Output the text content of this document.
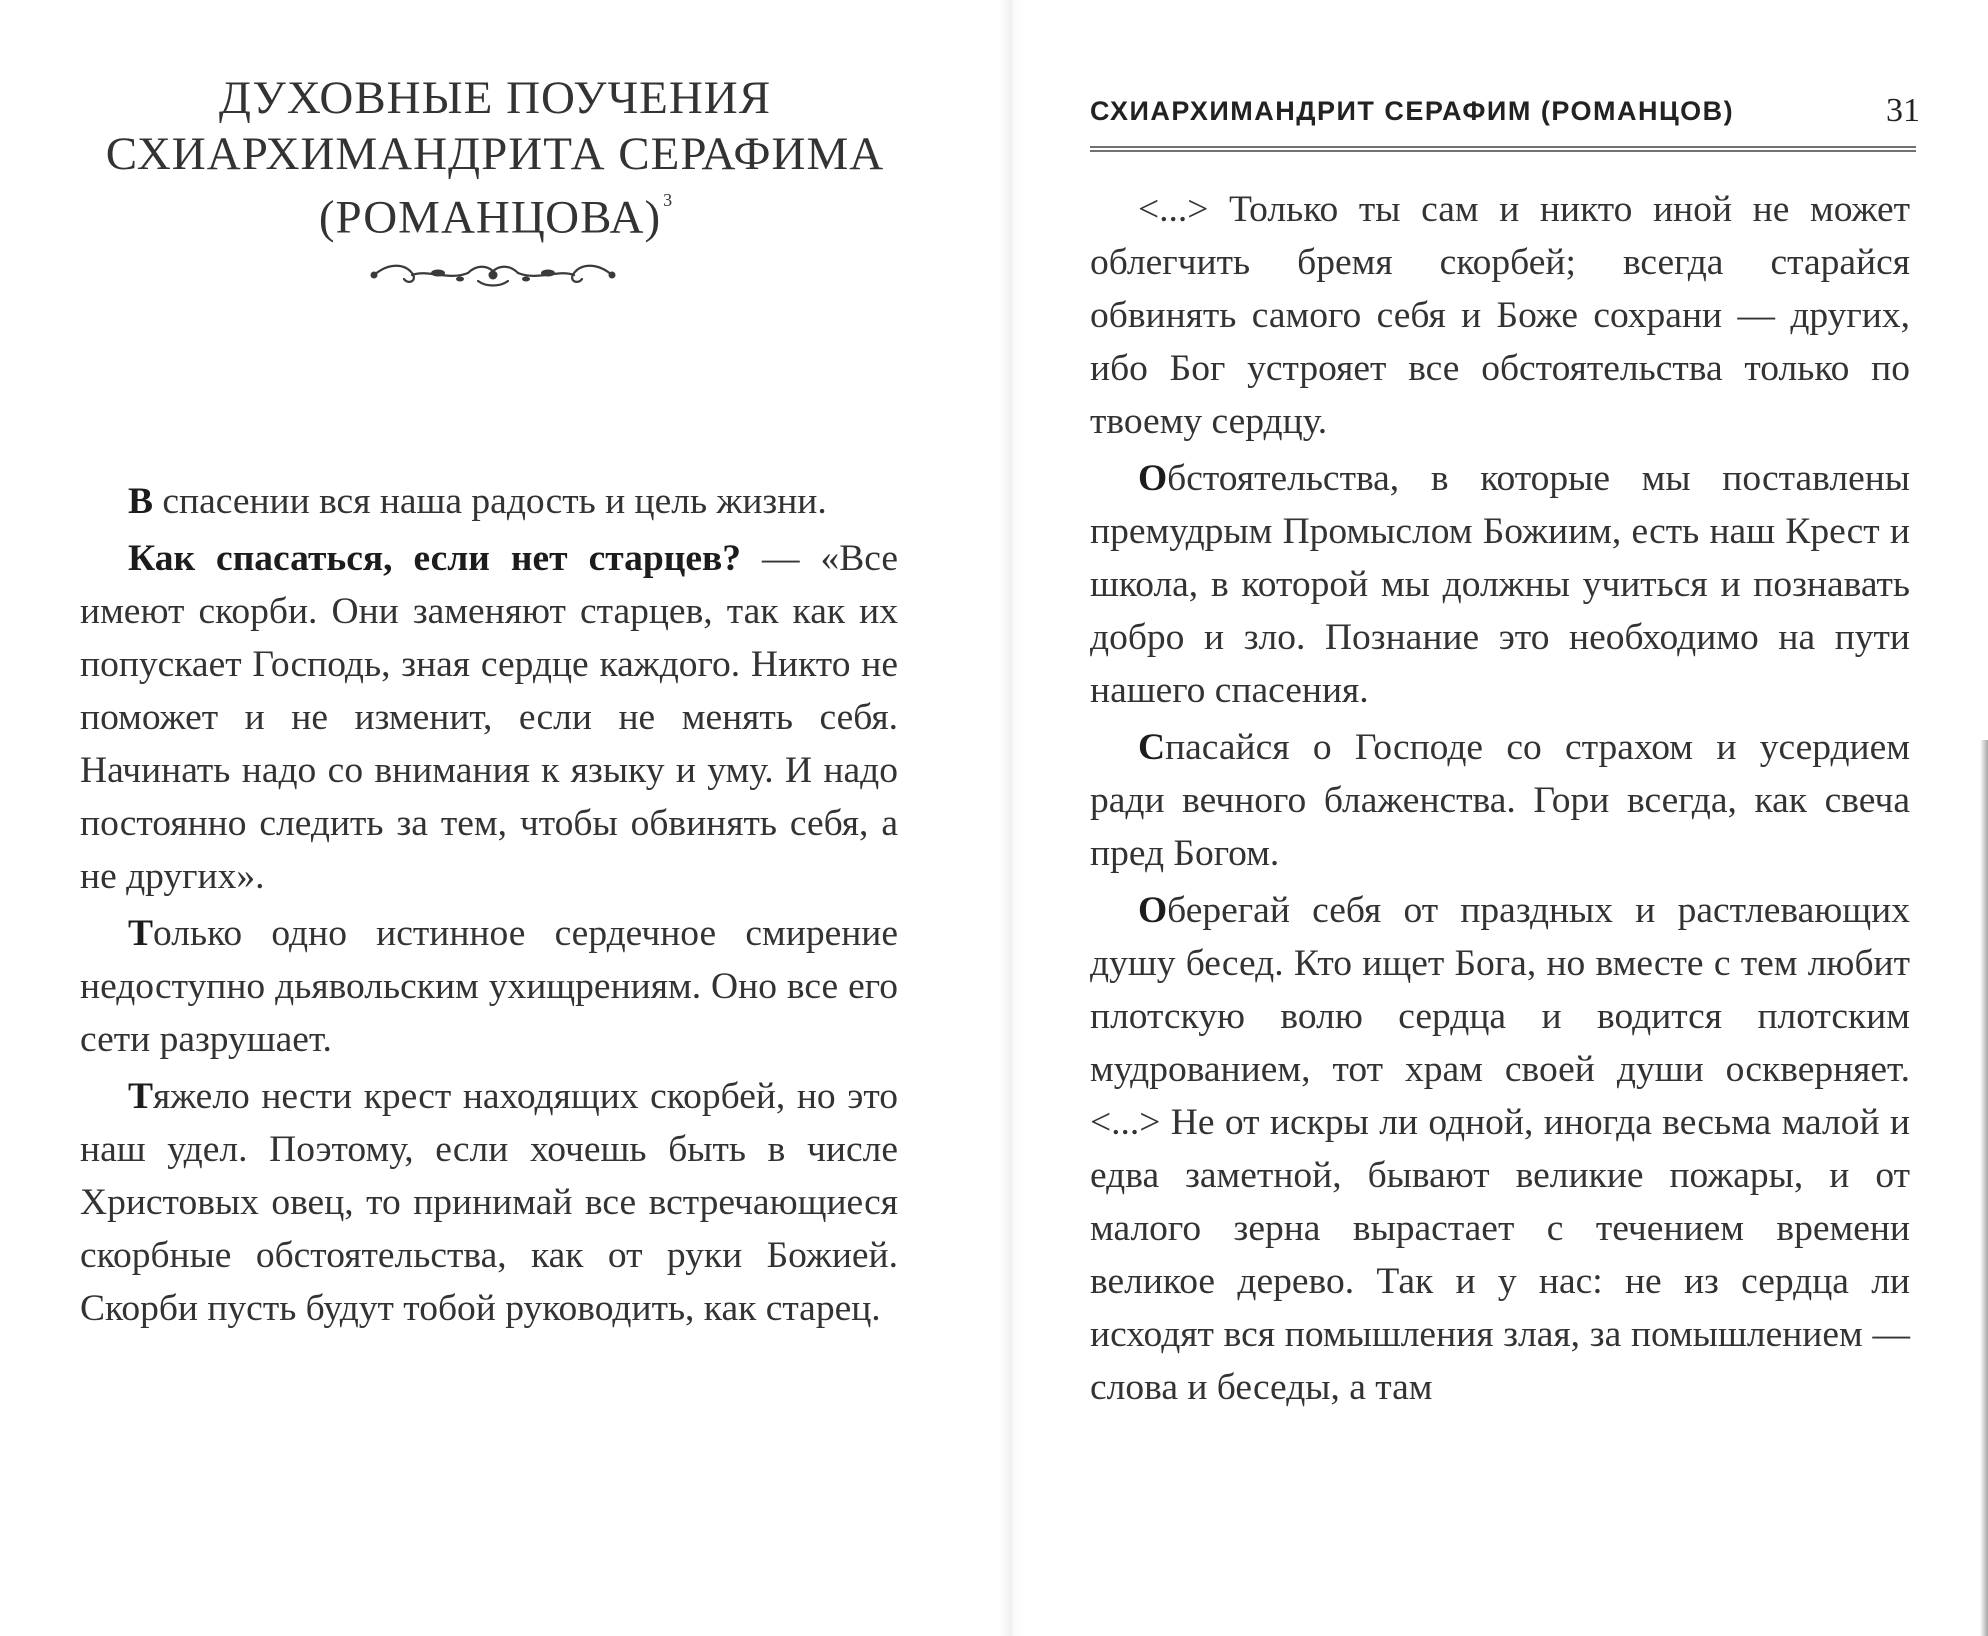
ДУХОВНЫЕ ПОУЧЕНИЯ
СХИАРХИМАНДРИТА СЕРАФИМА
(РОМАНЦОВА) $^3$

В спасении вся наша радость и цель жизни.

Как спасаться, если нет старцев? — «Все имеют скорби. Они заменяют старцев, так как их попускает Господь, зная сердце каждого. Никто не поможет и не изменит, если не менять себя. Начинать надо со внимания к языку и уму. И надо постоянно следить за тем, чтобы обвинять себя, а не других».

Только одно истинное сердечное смирение недоступно дьявольским ухищрениям. Оно все его сети разрушает.

Тяжело нести крест находящих скорбей, но это наш удел. Поэтому, если хочешь быть в числе Христовых овец, то принимай все встречающиеся скорбные обстоятельства, как от руки Божией. Скорби пусть будут тобой руководить, как старец.

СХИАРХИМАНДРИТ СЕРАФИМ (РОМАНЦОВ)	31

<...> Только ты сам и никто иной не может облегчить бремя скорбей; всегда старайся обвинять самого себя и Боже сохрани — других, ибо Бог устрояет все обстоятельства только по твоему сердцу.

Обстоятельства, в которые мы поставлены премудрым Промыслом Божиим, есть наш Крест и школа, в которой мы должны учиться и познавать добро и зло. Познание это необходимо на пути нашего спасения.

Спасайся о Господе со страхом и усердием ради вечного блаженства. Гори всегда, как свеча пред Богом.

Оберегай себя от праздных и растлевающих душу бесед. Кто ищет Бога, но вместе с тем любит плотскую волю сердца и водится плотским мудрованием, тот храм своей души оскверняет. <...> Не от искры ли одной, иногда весьма малой и едва заметной, бывают великие пожары, и от малого зерна вырастает с течением времени великое дерево. Так и у нас: не из сердца ли исходят вся помышления злая, за помышлением — слова и беседы, а там
